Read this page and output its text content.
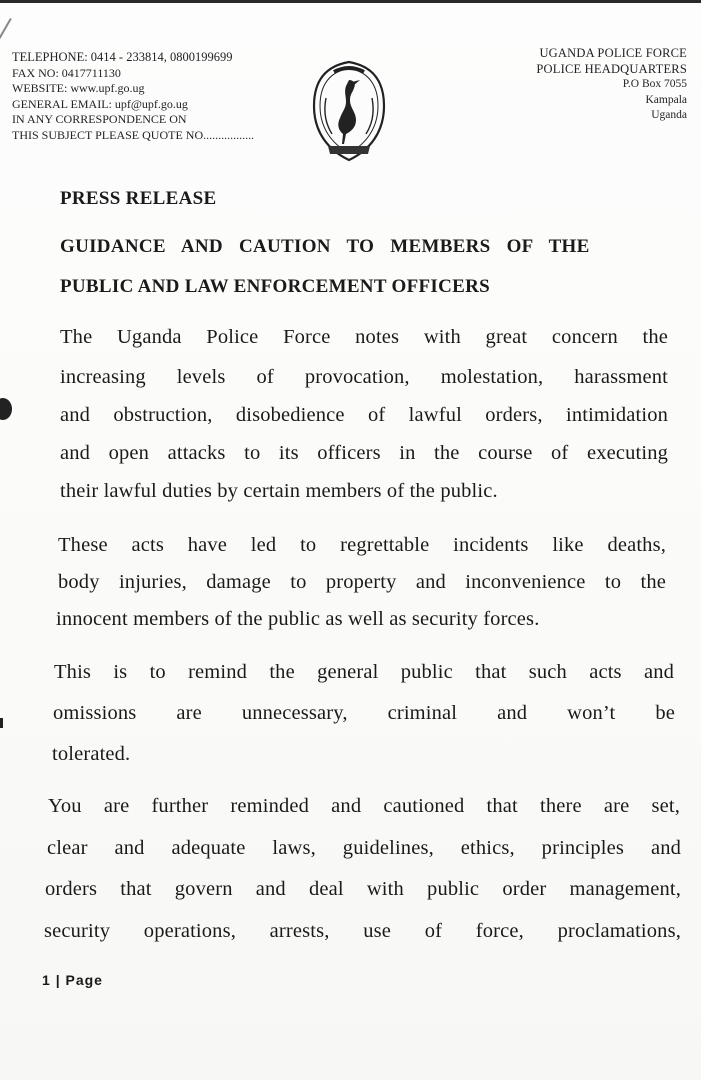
TELEPHONE: 0414 - 233814, 0800199699
FAX NO: 0417711130
WEBSITE: www.upf.go.ug
GENERAL EMAIL: upf@upf.go.ug
IN ANY CORRESPONDENCE ON
THIS SUBJECT PLEASE QUOTE NO.................
UGANDA POLICE FORCE
POLICE HEADQUARTERS
P.O Box 7055
Kampala
Uganda
PRESS RELEASE
GUIDANCE AND CAUTION TO MEMBERS OF THE
PUBLIC AND LAW ENFORCEMENT OFFICERS
The Uganda Police Force notes with great concern the
increasing levels of provocation, molestation, harassment
and obstruction, disobedience of lawful orders, intimidation
and open attacks to its officers in the course of executing
their lawful duties by certain members of the public.
These acts have led to regrettable incidents like deaths,
body injuries, damage to property and inconvenience to the
innocent members of the public as well as security forces.
This is to remind the general public that such acts and
omissions are unnecessary, criminal and won’t be
tolerated.
You are further reminded and cautioned that there are set,
clear and adequate laws, guidelines, ethics, principles and
orders that govern and deal with public order management,
security operations, arrests, use of force, proclamations,
1 | Page
